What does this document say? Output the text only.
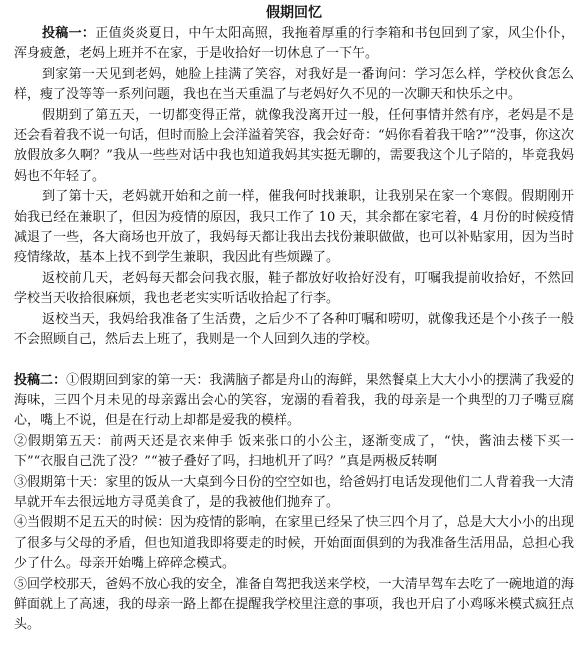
假期回忆

投稿一：正值炎炎夏日，中午太阳高照，我拖着厚重的行李箱和书包回到了家，风尘仆仆，浑身疲惫，老妈上班并不在家，于是收拾好一切休息了一下午。

到家第一天见到老妈，她脸上挂满了笑容，对我好是一番询问：学习怎么样，学校伙食怎么样，瘦了没等等一系列问题，我也在当天重温了与老妈好久不见的一次聊天和快乐之中。

假期到了第五天，一切都变得正常，就像我没离开过一般，任何事情并然有序，老妈是不是还会看着我不说一句话，但时而脸上会洋溢着笑容，我会好奇：“妈你看着我干啥?”“没事，你这次放假放多久啊？”我从一些些对话中我也知道我妈其实挺无聊的，需要我这个儿子陪的，毕竟我妈妈也不年轻了。

到了第十天，老妈就开始和之前一样，催我何时找兼职，让我别呆在家一个寒假。假期刚开始我已经在兼职了，但因为疫情的原因，我只工作了 10 天，其余都在家宅着，4 月份的时候疫情减退了一些，各大商场也开放了，我妈每天都让我出去找份兼职做做，也可以补贴家用，因为当时疫情缘故，基本上找不到学生兼职，我因此有些烦躁了。

返校前几天，老妈每天都会问我衣服，鞋子都放好收拾好没有，叮嘱我提前收拾好，不然回学校当天收拾很麻烦，我也老老实实听话收拾起了行李。

返校当天，我妈给我准备了生活费，之后少不了各种叮嘱和唠叨，就像我还是个小孩子一般不会照顾自己，然后去上班了，我则是一个人回到久违的学校。

投稿二：①假期回到家的第一天：我满脑子都是舟山的海鲜，果然餐桌上大大小小的摆满了我爱的海味，三四个月未见的母亲露出会心的笑容，宠溺的看着我，我的母亲是一个典型的刀子嘴豆腐心，嘴上不说，但是在行动上却都是爱我的模样。

②假期第五天：前两天还是衣来伸手 饭来张口的小公主，逐渐变成了，“快，酱油去楼下买一下”“衣服自己洗了没？”“被子叠好了吗，扫地机开了吗？”真是两极反转啊

③假期第十天：家里的饭从一大桌到今日份的空空如也，给爸妈打电话发现他们二人背着我一大清早就开车去很远地方寻觅美食了，是的我被他们抛弃了。

④当假期不足五天的时候：因为疫情的影响，在家里已经呆了快三四个月了，总是大大小小的出现了很多与父母的矛盾，但也知道我即将要走的时候，开始面面俱到的为我准备生活用品，总担心我少了什么。母亲开始嘴上碎碎念模式。

⑤回学校那天，爸妈不放心我的安全，准备自驾把我送来学校，一大清早驾车去吃了一碗地道的海鲜面就上了高速，我的母亲一路上都在提醒我学校里注意的事项，我也开启了小鸡啄米模式疯狂点头。
